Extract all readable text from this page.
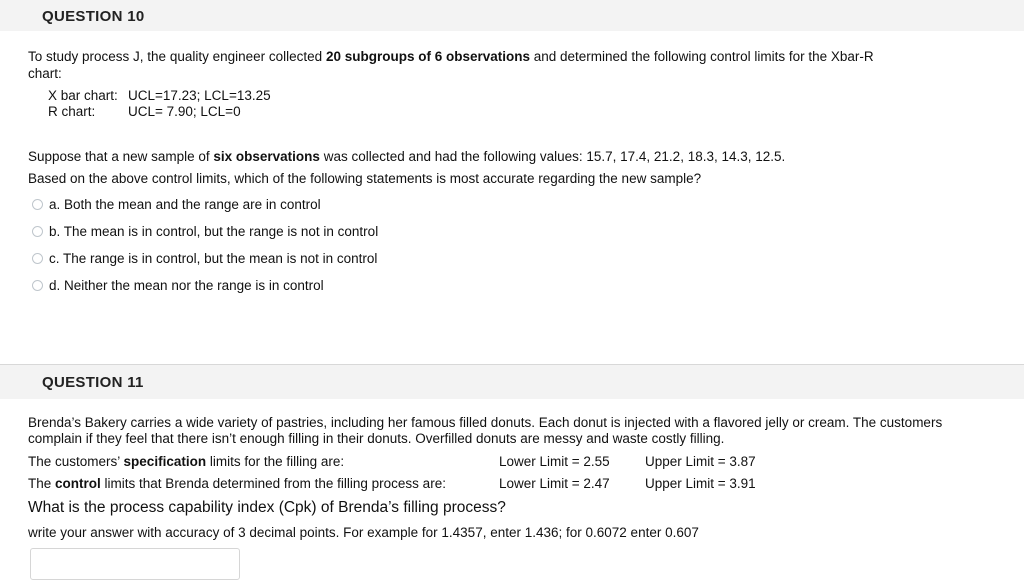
QUESTION 10
To study process J, the quality engineer collected 20 subgroups of 6 observations and determined the following control limits for the Xbar-R
chart:
X bar chart: UCL=17.23; LCL=13.25
R chart: UCL= 7.90; LCL=0
Suppose that a new sample of six observations was collected and had the following values: 15.7, 17.4, 21.2, 18.3, 14.3, 12.5.
Based on the above control limits, which of the following statements is most accurate regarding the new sample?
a. Both the mean and the range are in control
b. The mean is in control, but the range is not in control
c. The range is in control, but the mean is not in control
d. Neither the mean nor the range is in control
QUESTION 11
Brenda’s Bakery carries a wide variety of pastries, including her famous filled donuts. Each donut is injected with a flavored jelly or cream. The customers complain if they feel that there isn’t enough filling in their donuts. Overfilled donuts are messy and waste costly filling.
The customers’ specification limits for the filling are:	Lower Limit = 2.55	Upper Limit = 3.87
The control limits that Brenda determined from the filling process are:	Lower Limit = 2.47	Upper Limit = 3.91
What is the process capability index (Cpk) of Brenda’s filling process?
write your answer with accuracy of 3 decimal points. For example for 1.4357, enter 1.436; for 0.6072 enter 0.607
